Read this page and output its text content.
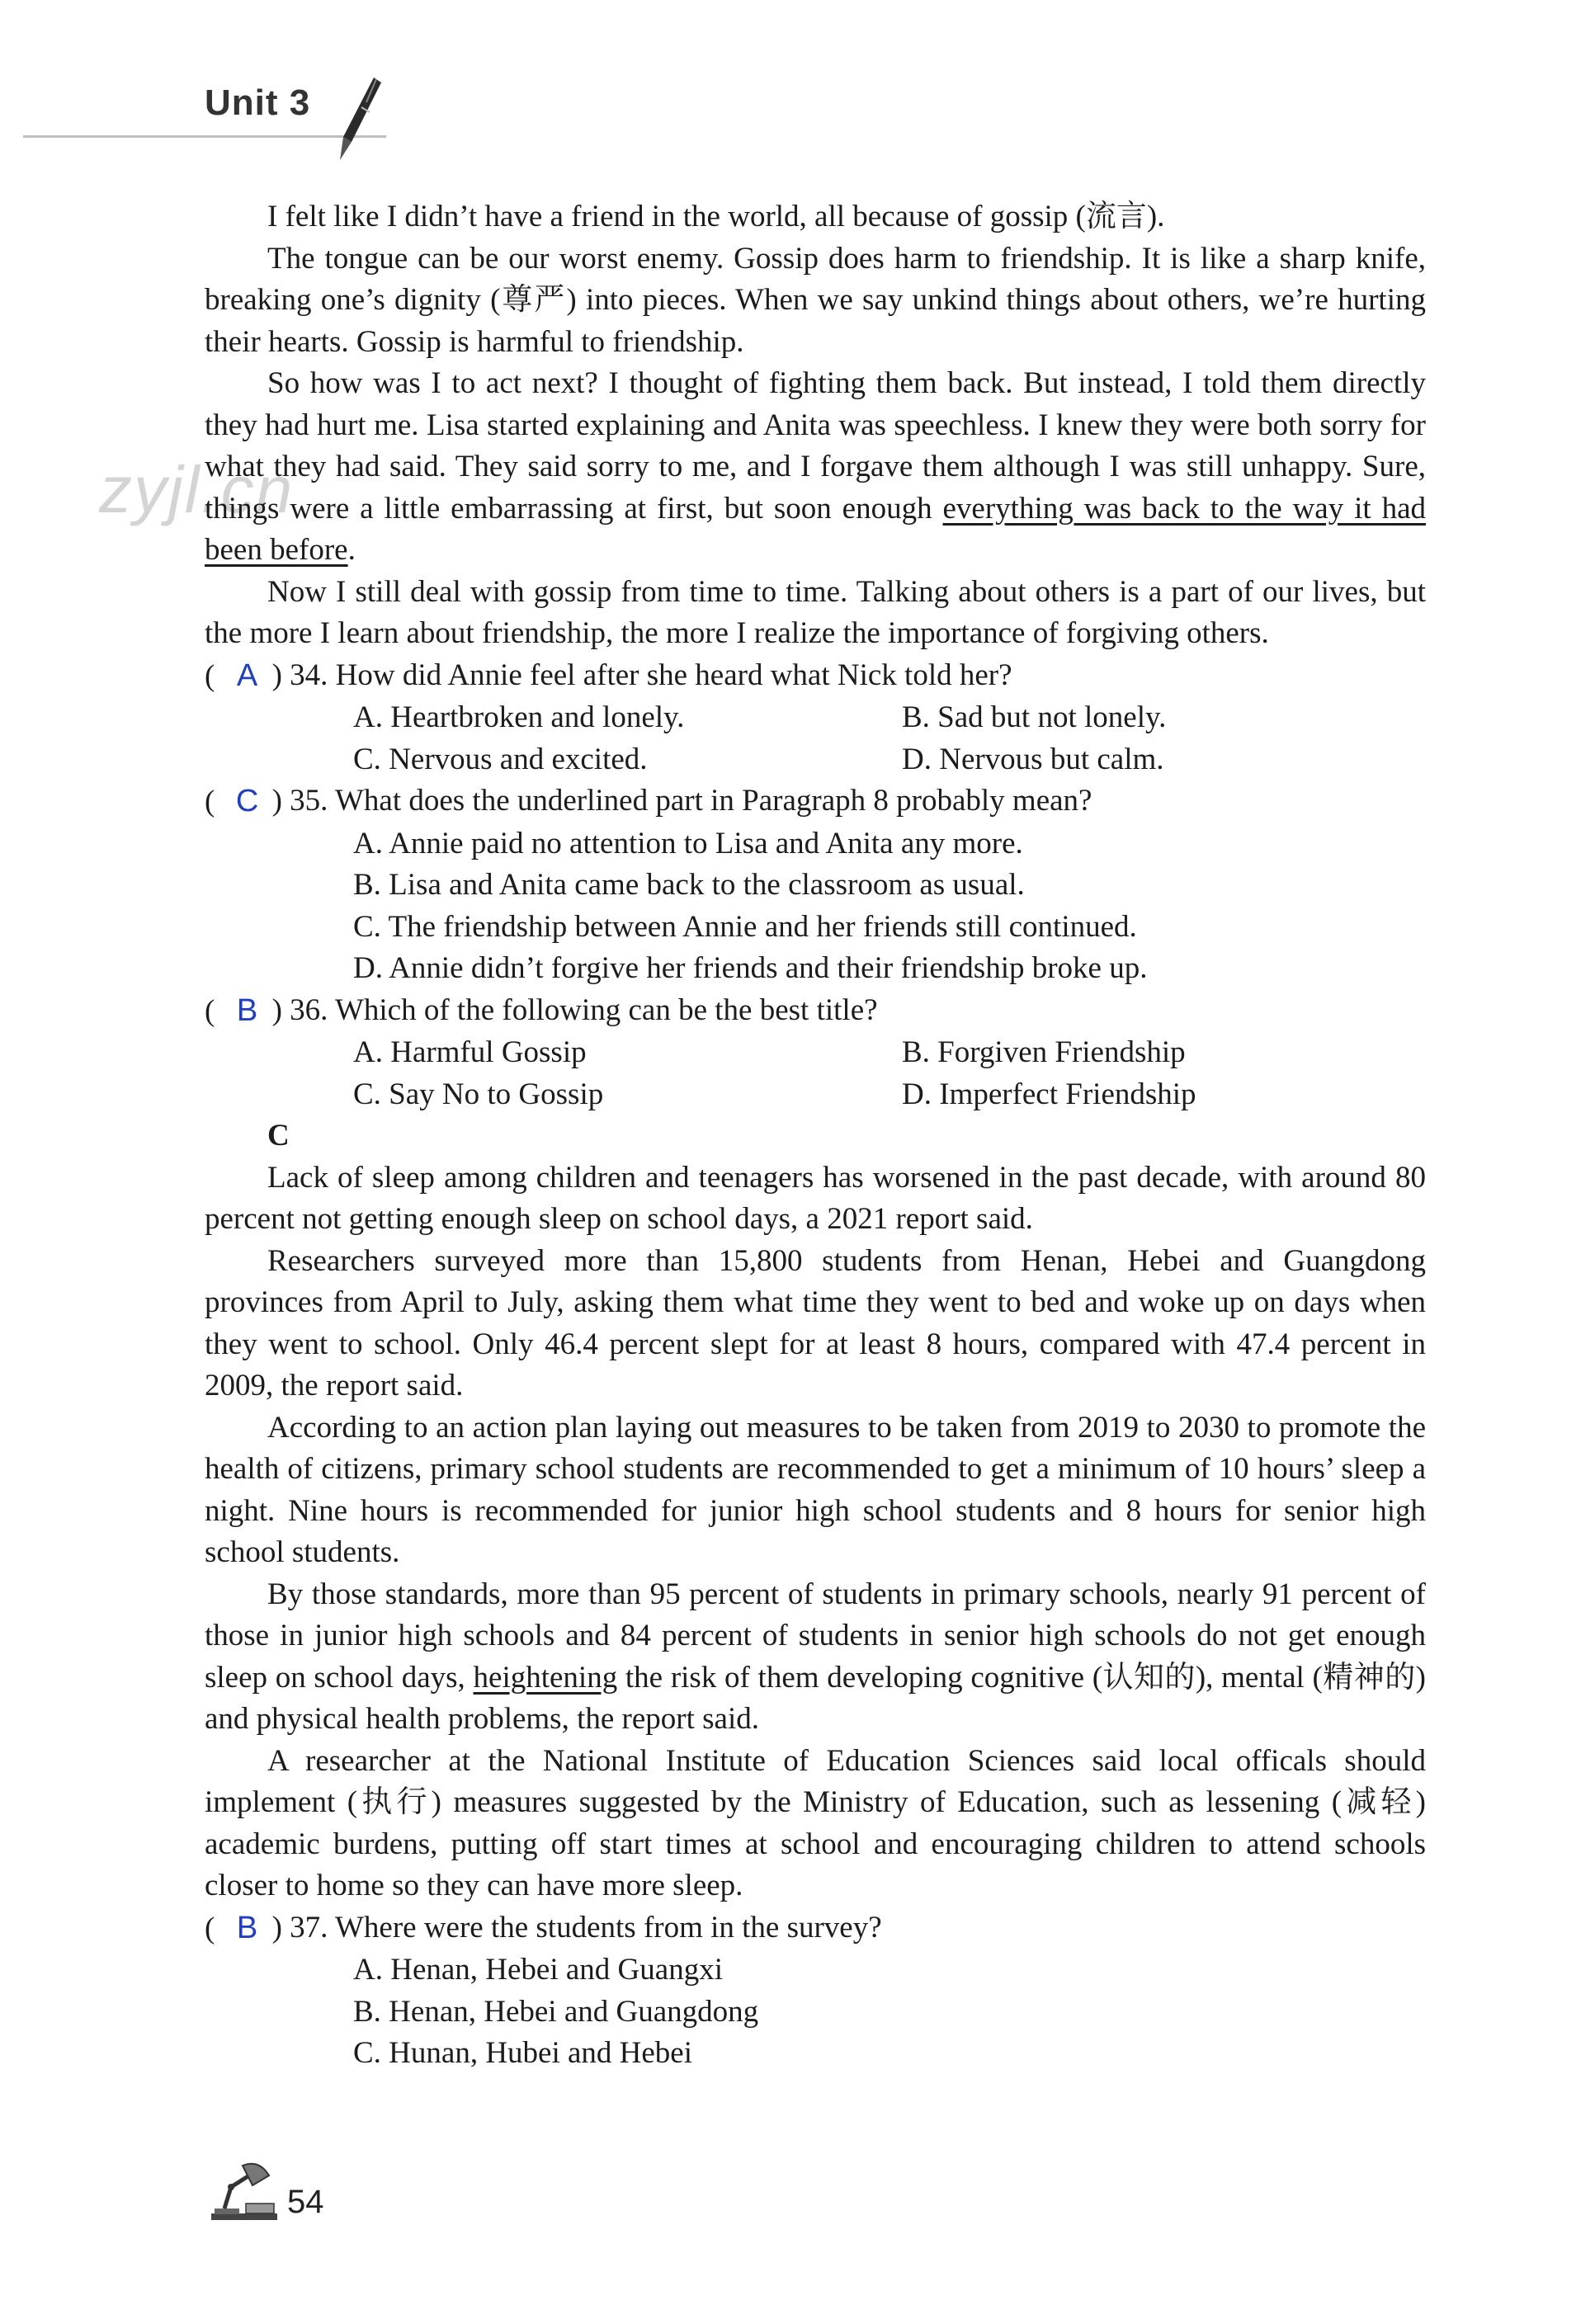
Unit 3
zyjl.cn

I felt like I didn’t have a friend in the world, all because of gossip (流言).

The tongue can be our worst enemy. Gossip does harm to friendship. It is like a sharp knife, breaking one’s dignity (尊严) into pieces. When we say unkind things about others, we’re hurting their hearts. Gossip is harmful to friendship.

So how was I to act next? I thought of fighting them back. But instead, I told them directly they had hurt me. Lisa started explaining and Anita was speechless. I knew they were both sorry for what they had said. They said sorry to me, and I forgave them although I was still unhappy. Sure, things were a little embarrassing at first, but soon enough everything was back to the way it had been before.

Now I still deal with gossip from time to time. Talking about others is a part of our lives, but the more I learn about friendship, the more I realize the importance of forgiving others.

( A ) 34. How did Annie feel after she heard what Nick told her?
A. Heartbroken and lonely.	B. Sad but not lonely.
C. Nervous and excited.	D. Nervous but calm.
( C ) 35. What does the underlined part in Paragraph 8 probably mean?
A. Annie paid no attention to Lisa and Anita any more.
B. Lisa and Anita came back to the classroom as usual.
C. The friendship between Annie and her friends still continued.
D. Annie didn’t forgive her friends and their friendship broke up.
( B ) 36. Which of the following can be the best title?
A. Harmful Gossip	B. Forgiven Friendship
C. Say No to Gossip	D. Imperfect Friendship

C

Lack of sleep among children and teenagers has worsened in the past decade, with around 80 percent not getting enough sleep on school days, a 2021 report said.

Researchers surveyed more than 15,800 students from Henan, Hebei and Guangdong provinces from April to July, asking them what time they went to bed and woke up on days when they went to school. Only 46.4 percent slept for at least 8 hours, compared with 47.4 percent in 2009, the report said.

According to an action plan laying out measures to be taken from 2019 to 2030 to promote the health of citizens, primary school students are recommended to get a minimum of 10 hours’ sleep a night. Nine hours is recommended for junior high school students and 8 hours for senior high school students.

By those standards, more than 95 percent of students in primary schools, nearly 91 percent of those in junior high schools and 84 percent of students in senior high schools do not get enough sleep on school days, heightening the risk of them developing cognitive (认知的), mental (精神的) and physical health problems, the report said.

A researcher at the National Institute of Education Sciences said local officals should implement (执行) measures suggested by the Ministry of Education, such as lessening (减轻) academic burdens, putting off start times at school and encouraging children to attend schools closer to home so they can have more sleep.

( B ) 37. Where were the students from in the survey?
A. Henan, Hebei and Guangxi
B. Henan, Hebei and Guangdong
C. Hunan, Hubei and Hebei
54
